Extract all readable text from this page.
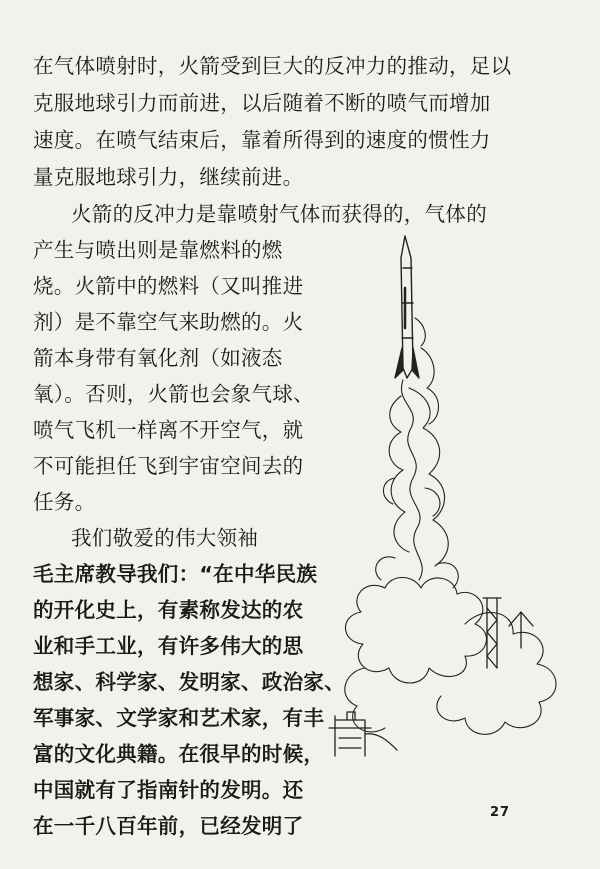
在气体喷射时，火箭受到巨大的反冲力的推动，足以
克服地球引力而前进，以后随着不断的喷气而增加
速度。在喷气结束后，靠着所得到的速度的惯性力
量克服地球引力，继续前进。
火箭的反冲力是靠喷射气体而获得的，气体的
产生与喷出则是靠燃料的燃
烧。火箭中的燃料（又叫推进
剂）是不靠空气来助燃的。火
箭本身带有氧化剂（如液态
氧）。否则，火箭也会象气球、
喷气飞机一样离不开空气，就
不可能担任飞到宇宙空间去的
任务。
我们敬爱的伟大领袖
毛主席教导我们：“在中华民族
的开化史上，有素称发达的农
业和手工业，有许多伟大的思
想家、科学家、发明家、政治家、
军事家、文学家和艺术家，有丰
富的文化典籍。在很早的时候，
中国就有了指南针的发明。还
在一千八百年前，已经发明了
27
